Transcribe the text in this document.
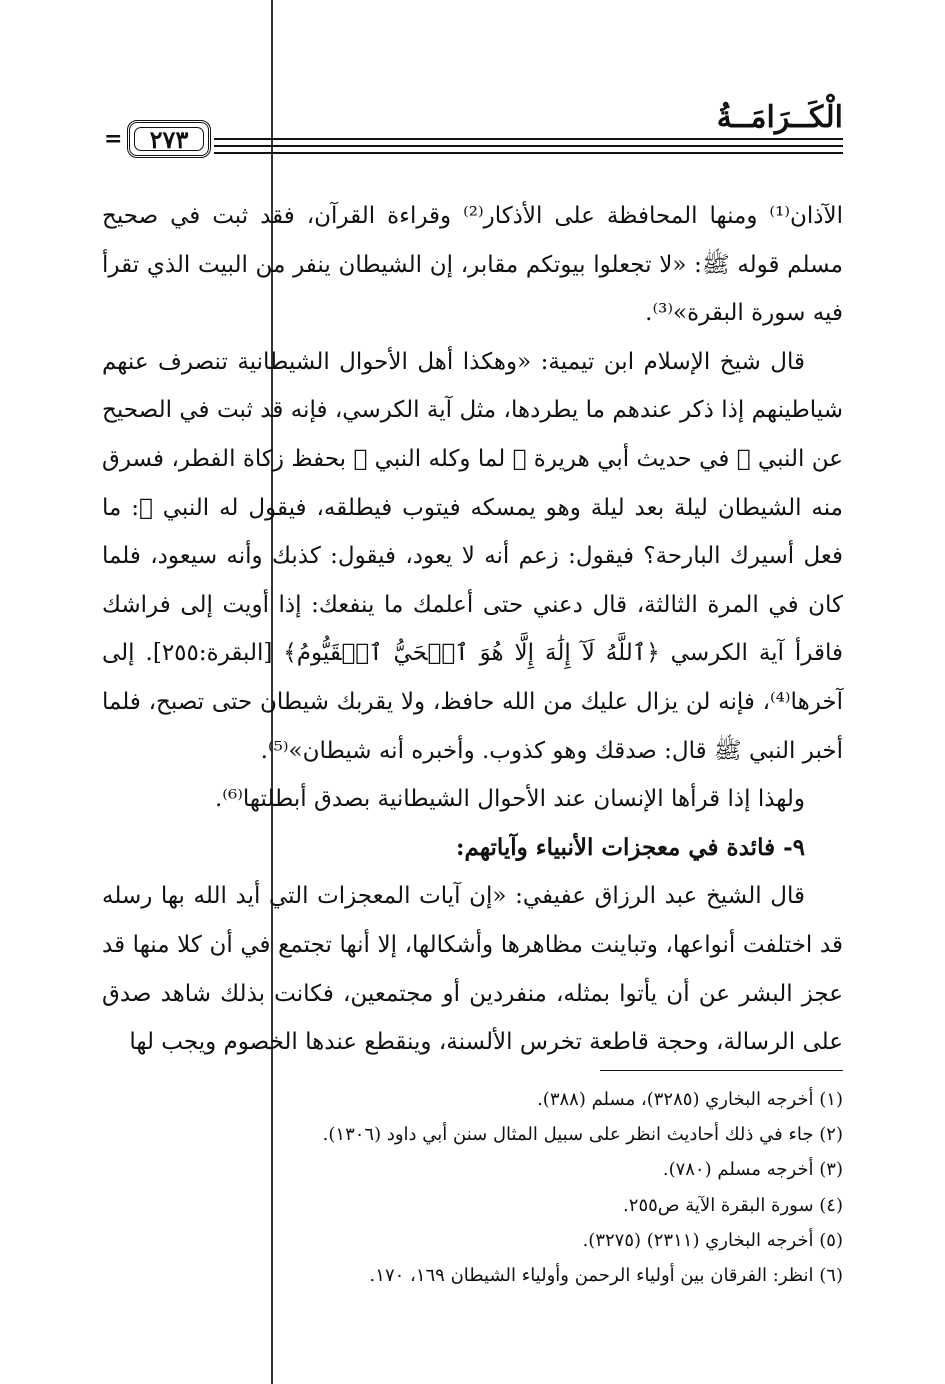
الْكَــرَامَــةُ
٢٧٣
=

الآذان⁽¹⁾ ومنها المحافظة على الأذكار⁽²⁾ وقراءة القرآن، فقد ثبت في صحيح مسلم قوله ﷺ: «لا تجعلوا بيوتكم مقابر، إن الشيطان ينفر من البيت الذي تقرأ فيه سورة البقرة»⁽³⁾.

قال شيخ الإسلام ابن تيمية: «وهكذا أهل الأحوال الشيطانية تنصرف عنهم شياطينهم إذا ذكر عندهم ما يطردها، مثل آية الكرسي، فإنه قد ثبت في الصحيح عن النبي ﷺ في حديث أبي هريرة ﵁ لما وكله النبي ﷺ بحفظ زكاة الفطر، فسرق منه الشيطان ليلة بعد ليلة وهو يمسكه فيتوب فيطلقه، فيقول له النبي ﷺ: ما فعل أسيرك البارحة؟ فيقول: زعم أنه لا يعود، فيقول: كذبك وأنه سيعود، فلما كان في المرة الثالثة، قال دعني حتى أعلمك ما ينفعك: إذا أويت إلى فراشك فاقرأ آية الكرسي ﴿ٱللَّهُ لَآ إِلَٰهَ إِلَّا هُوَ ٱلۡحَيُّ ٱلۡقَيُّومُ﴾ [البقرة:٢٥٥]. إلى آخرها⁽⁴⁾، فإنه لن يزال عليك من الله حافظ، ولا يقربك شيطان حتى تصبح، فلما أخبر النبي ﷺ قال: صدقك وهو كذوب. وأخبره أنه شيطان»⁽⁵⁾.

ولهذا إذا قرأها الإنسان عند الأحوال الشيطانية بصدق أبطلتها⁽⁶⁾.

٩- فائدة في معجزات الأنبياء وآياتهم:

قال الشيخ عبد الرزاق عفيفي: «إن آيات المعجزات التي أيد الله بها رسله قد اختلفت أنواعها، وتباينت مظاهرها وأشكالها، إلا أنها تجتمع في أن كلا منها قد عجز البشر عن أن يأتوا بمثله، منفردين أو مجتمعين، فكانت بذلك شاهد صدق على الرسالة، وحجة قاطعة تخرس الألسنة، وينقطع عندها الخصوم ويجب لها

(١) أخرجه البخاري (٣٢٨٥)، مسلم (٣٨٨).
(٢) جاء في ذلك أحاديث انظر على سبيل المثال سنن أبي داود (١٣٠٦).
(٣) أخرجه مسلم (٧٨٠).
(٤) سورة البقرة الآية ص٢٥٥.
(٥) أخرجه البخاري (٢٣١١) (٣٢٧٥).
(٦) انظر: الفرقان بين أولياء الرحمن وأولياء الشيطان ١٦٩، ١٧٠.
